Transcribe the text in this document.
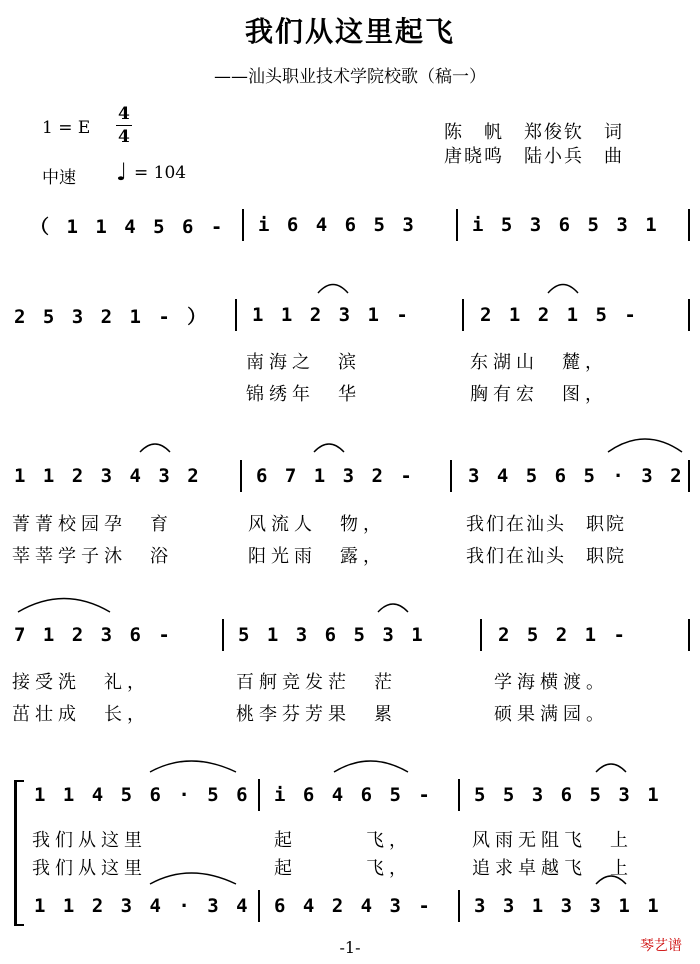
我们从这里起飞
——汕头职业技术学院校歌（稿一）
1 = E
4
4
中速 ♩ = 104
陈　帆　郑俊钦　词
唐晓鸣　陆小兵　曲
（ 1 1 4 5 6 - i 6 4 6 5 3	i 5 3 6 5 3 1
2 5 3 2 1 - ） 1 1 2 3 1 -	2 1 2 1 5 -
南海之　滨	东湖山　麓，
锦绣年　华	胸有宏　图，
1 1 2 3 4 3 2	6 7 1 3 2 -	3 4 5 6 5 · 3 2
菁菁校园孕　育	风流人　物，	我们在汕头　职院
莘莘学子沐　浴	阳光雨　露，	我们在汕头　职院
7 1 2 3 6 -	5 1 3 6 5 3 1	2 5 2 1 -
接受洗　礼，	百舸竞发茫　茫	学海横渡。
茁壮成　长，	桃李芬芳果　累	硕果满园。
1 1 4 5 6 · 5 6 i 6 4 6 5 - 5 5 3 6 5 3 1
我们从这里	起　　　飞，	风雨无阻飞　上
我们从这里	起　　　飞，	追求卓越飞　上
1 1 2 3 4 · 3 4 6 4 2 4 3 - 3 3 1 3 3 1 1
-1-	琴艺谱
